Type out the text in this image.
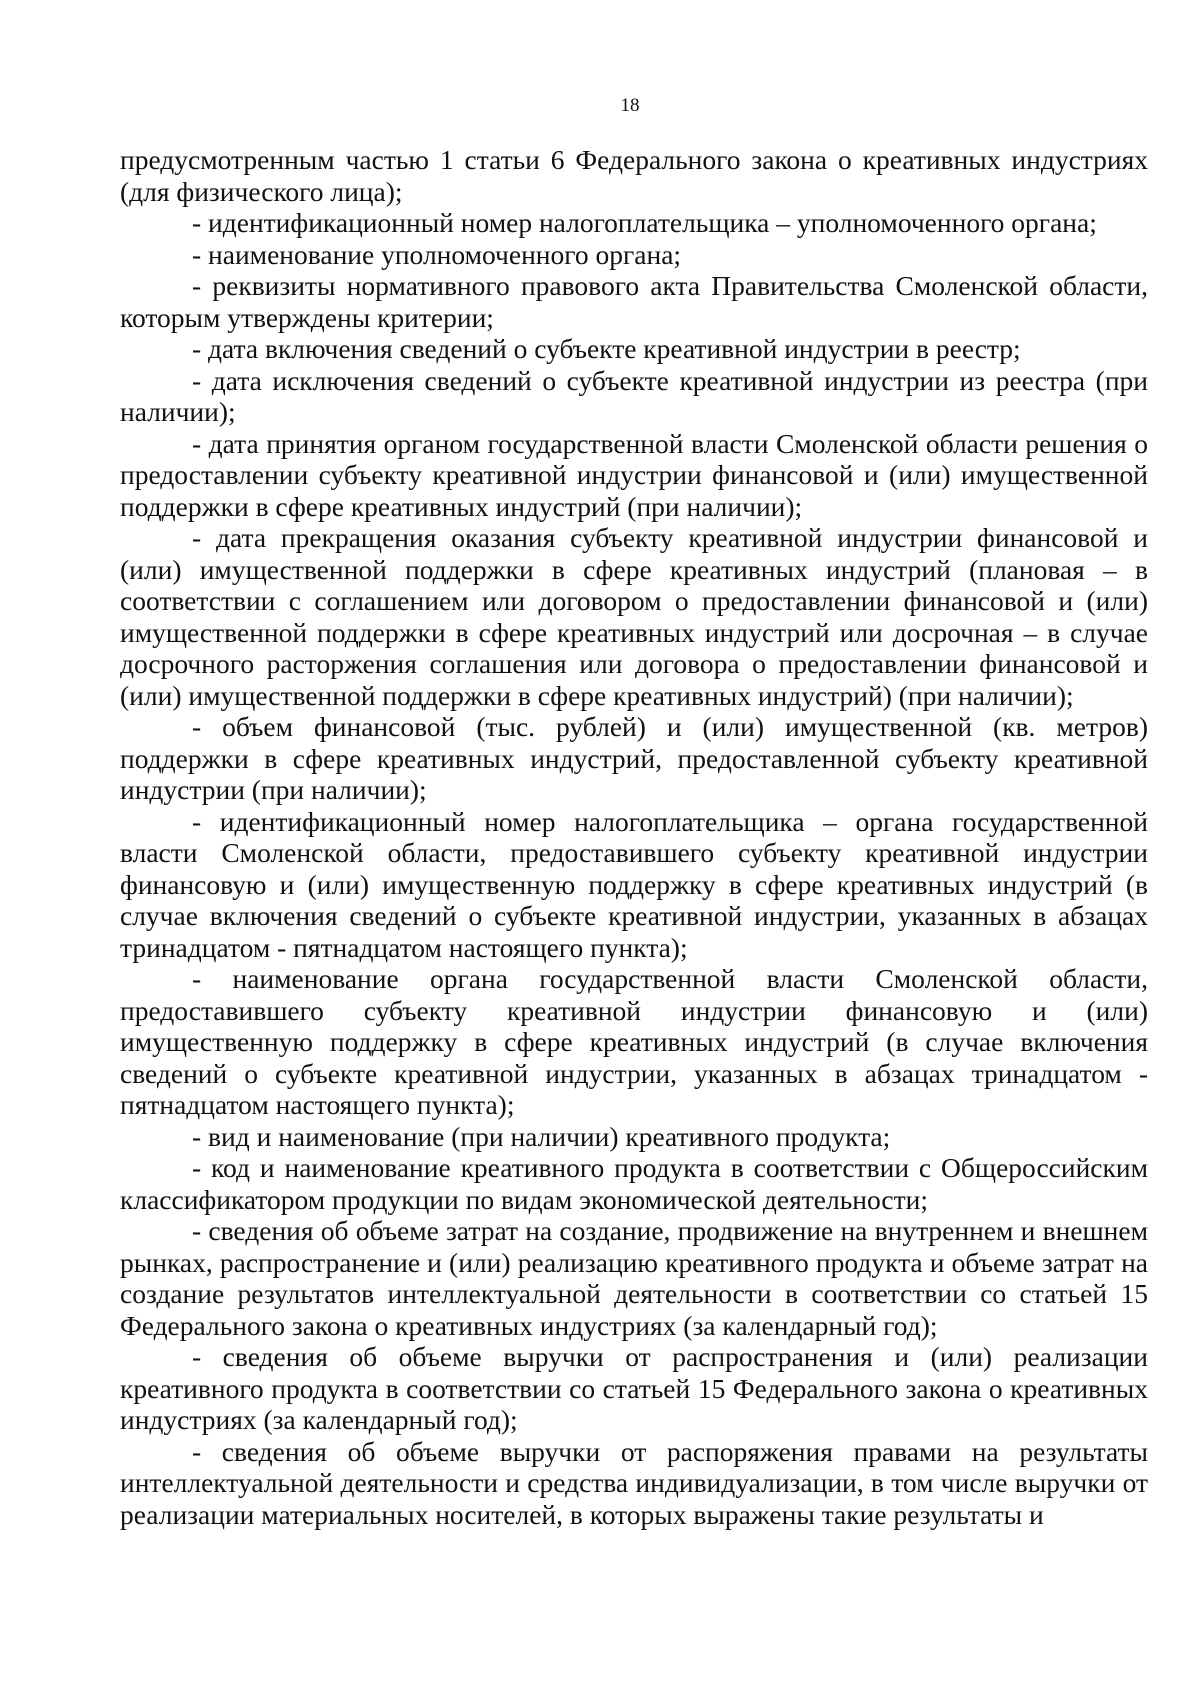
18

предусмотренным частью 1 статьи 6 Федерального закона о креативных индустриях (для физического лица);

- идентификационный номер налогоплательщика – уполномоченного органа;

- наименование уполномоченного органа;

- реквизиты нормативного правового акта Правительства Смоленской области, которым утверждены критерии;

- дата включения сведений о субъекте креативной индустрии в реестр;

- дата исключения сведений о субъекте креативной индустрии из реестра (при наличии);

- дата принятия органом государственной власти Смоленской области решения о предоставлении субъекту креативной индустрии финансовой и (или) имущественной поддержки в сфере креативных индустрий (при наличии);

- дата прекращения оказания субъекту креативной индустрии финансовой и (или) имущественной поддержки в сфере креативных индустрий (плановая – в соответствии с соглашением или договором о предоставлении финансовой и (или) имущественной поддержки в сфере креативных индустрий или досрочная – в случае досрочного расторжения соглашения или договора о предоставлении финансовой и (или) имущественной поддержки в сфере креативных индустрий) (при наличии);

- объем финансовой (тыс. рублей) и (или) имущественной (кв. метров) поддержки в сфере креативных индустрий, предоставленной субъекту креативной индустрии (при наличии);

- идентификационный номер налогоплательщика – органа государственной власти Смоленской области, предоставившего субъекту креативной индустрии финансовую и (или) имущественную поддержку в сфере креативных индустрий (в случае включения сведений о субъекте креативной индустрии, указанных в абзацах тринадцатом - пятнадцатом настоящего пункта);

- наименование органа государственной власти Смоленской области, предоставившего субъекту креативной индустрии финансовую и (или) имущественную поддержку в сфере креативных индустрий (в случае включения сведений о субъекте креативной индустрии, указанных в абзацах тринадцатом - пятнадцатом настоящего пункта);

- вид и наименование (при наличии) креативного продукта;

- код и наименование креативного продукта в соответствии с Общероссийским классификатором продукции по видам экономической деятельности;

- сведения об объеме затрат на создание, продвижение на внутреннем и внешнем рынках, распространение и (или) реализацию креативного продукта и объеме затрат на создание результатов интеллектуальной деятельности в соответствии со статьей 15 Федерального закона о креативных индустриях (за календарный год);

- сведения об объеме выручки от распространения и (или) реализации креативного продукта в соответствии со статьей 15 Федерального закона о креативных индустриях (за календарный год);

- сведения об объеме выручки от распоряжения правами на результаты интеллектуальной деятельности и средства индивидуализации, в том числе выручки от реализации материальных носителей, в которых выражены такие результаты и
